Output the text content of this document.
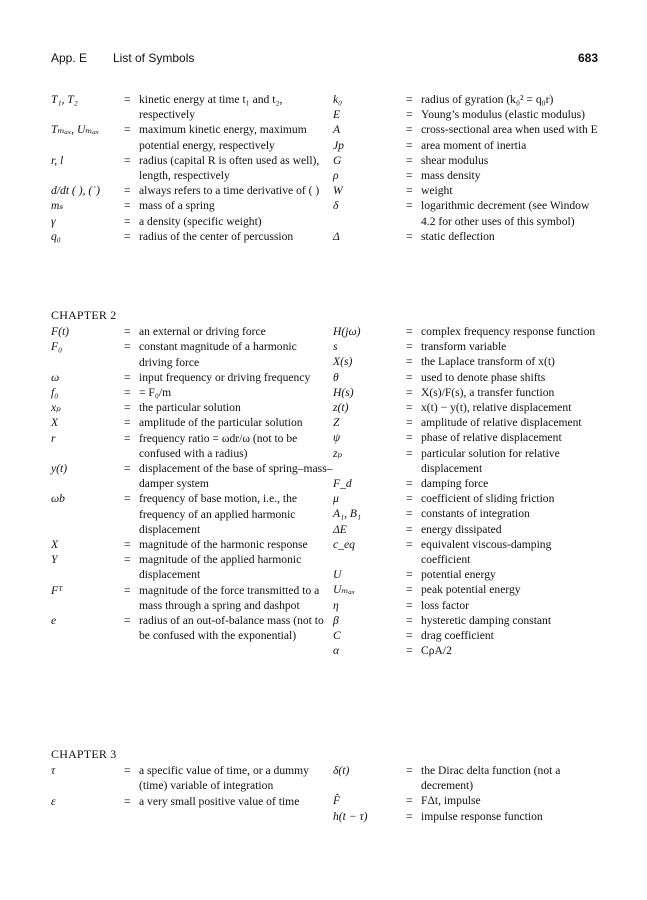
App. E List of Symbols	683
T₁, T₂	= kinetic energy at time t₁ and t₂, respectively
Tₘₐₓ, Uₘₐₓ	= maximum kinetic energy, maximum potential energy, respectively
r, l	= radius (capital R is often used as well), length, respectively
d/dt ( ), (˙)	= always refers to a time derivative of ( )
mₛ	= mass of a spring
γ	= a density (specific weight)
q₀	= radius of the center of percussion
k₀	= radius of gyration (k₀² = q₀r)
E	= Young’s modulus (elastic modulus)
A	= cross-sectional area when used with E
Jp	= area moment of inertia
G	= shear modulus
ρ	= mass density
W	= weight
δ	= logarithmic decrement (see Window 4.2 for other uses of this symbol)
Δ	= static deflection
CHAPTER 2
F(t)	= an external or driving force
F₀	= constant magnitude of a harmonic driving force
ω	= input frequency or driving frequency
f₀	= = F₀/m
xₚ	= the particular solution
X	= amplitude of the particular solution
r	= frequency ratio = ωdr/ω (not to be confused with a radius)
y(t)	= displacement of the base of spring–mass–damper system
ωb	= frequency of base motion, i.e., the frequency of an applied harmonic displacement
X	= magnitude of the harmonic response
Y	= magnitude of the applied harmonic displacement
Fᵀ	= magnitude of the force transmitted to a mass through a spring and dashpot
e	= radius of an out-of-balance mass (not to be confused with the exponential)
H(jω)	= complex frequency response function
s	= transform variable
X(s)	= the Laplace transform of x(t)
θ	= used to denote phase shifts
H(s)	= X(s)/F(s), a transfer function
z(t)	= x(t) − y(t), relative displacement
Z	= amplitude of relative displacement
ψ	= phase of relative displacement
zₚ	= particular solution for relative displacement
F_d	= damping force
μ	= coefficient of sliding friction
A₁, B₁	= constants of integration
ΔE	= energy dissipated
c_eq	= equivalent viscous-damping coefficient
U	= potential energy
Uₘₐₓ	= peak potential energy
η	= loss factor
β	= hysteretic damping constant
C	= drag coefficient
α	= CρA/2
CHAPTER 3
τ	= a specific value of time, or a dummy (time) variable of integration
ε	= a very small positive value of time
δ(t)	= the Dirac delta function (not a decrement)
F̂	= FΔt, impulse
h(t − τ)	= impulse response function
